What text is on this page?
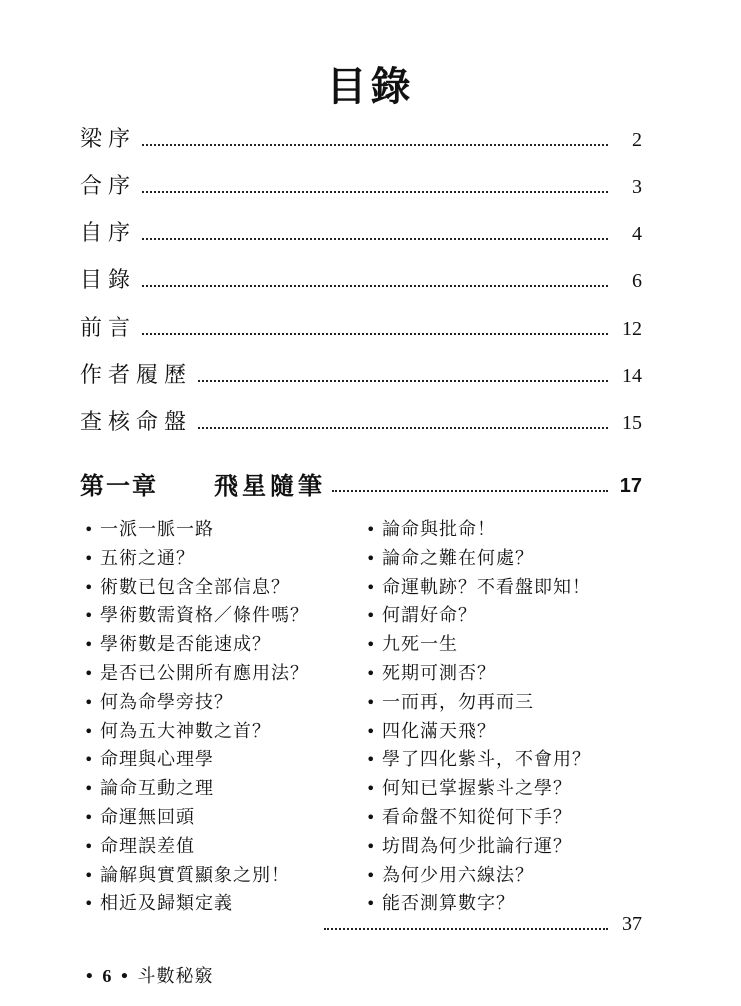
目錄
梁序	2
合序	3
自序	4
目錄	6
前言	12
作者履歷	14
查核命盤	15
第一章 飛星隨筆	17
• 一派一脈一路
• 五術之通？
• 術數已包含全部信息？
• 學術數需資格／條件嗎？
• 學術數是否能速成？
• 是否已公開所有應用法？
• 何為命學旁技？
• 何為五大神數之首？
• 命理與心理學
• 論命互動之理
• 命運無回頭
• 命理誤差值
• 論解與實質顯象之別！
• 相近及歸類定義
• 論命與批命！
• 論命之難在何處？
• 命運軌跡？不看盤即知！
• 何謂好命？
• 九死一生
• 死期可測否？
• 一而再，勿再而三
• 四化滿天飛？
• 學了四化紫斗，不會用？
• 何知已掌握紫斗之學？
• 看命盤不知從何下手？
• 坊間為何少批論行運？
• 為何少用六線法？
• 能否測算數字？
37
• 6 • 斗數秘竅
